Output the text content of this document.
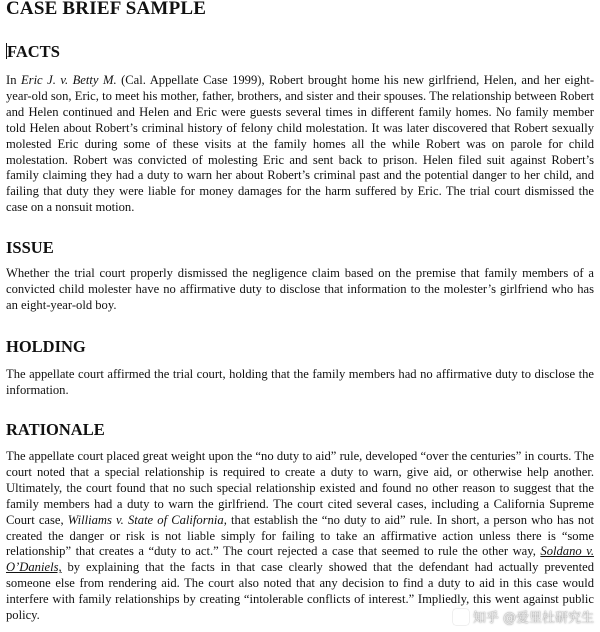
CASE BRIEF SAMPLE
FACTS

In Eric J. v. Betty M. (Cal. Appellate Case 1999), Robert brought home his new girlfriend, Helen, and her eight-year-old son, Eric, to meet his mother, father, brothers, and sister and their spouses. The relationship between Robert and Helen continued and Helen and Eric were guests several times in different family homes. No family member told Helen about Robert’s criminal history of felony child molestation. It was later discovered that Robert sexually molested Eric during some of these visits at the family homes all the while Robert was on parole for child molestation. Robert was convicted of molesting Eric and sent back to prison. Helen filed suit against Robert’s family claiming they had a duty to warn her about Robert’s criminal past and the potential danger to her child, and failing that duty they were liable for money damages for the harm suffered by Eric. The trial court dismissed the case on a nonsuit motion.

ISSUE

Whether the trial court properly dismissed the negligence claim based on the premise that family members of a convicted child molester have no affirmative duty to disclose that information to the molester’s girlfriend who has an eight-year-old boy.

HOLDING

The appellate court affirmed the trial court, holding that the family members had no affirmative duty to disclose the information.

RATIONALE

The appellate court placed great weight upon the “no duty to aid” rule, developed “over the centuries” in courts. The court noted that a special relationship is required to create a duty to warn, give aid, or otherwise help another. Ultimately, the court found that no such special relationship existed and found no other reason to suggest that the family members had a duty to warn the girlfriend. The court cited several cases, including a California Supreme Court case, Williams v. State of California, that establish the “no duty to aid” rule. In short, a person who has not created the danger or risk is not liable simply for failing to take an affirmative action unless there is “some relationship” that creates a “duty to act.” The court rejected a case that seemed to rule the other way, Soldano v. O’Daniels, by explaining that the facts in that case clearly showed that the defendant had actually prevented someone else from rendering aid. The court also noted that any decision to find a duty to aid in this case would interfere with family relationships by creating “intolerable conflicts of interest.” Impliedly, this went against public policy.	知乎 @爱里杜研究生
